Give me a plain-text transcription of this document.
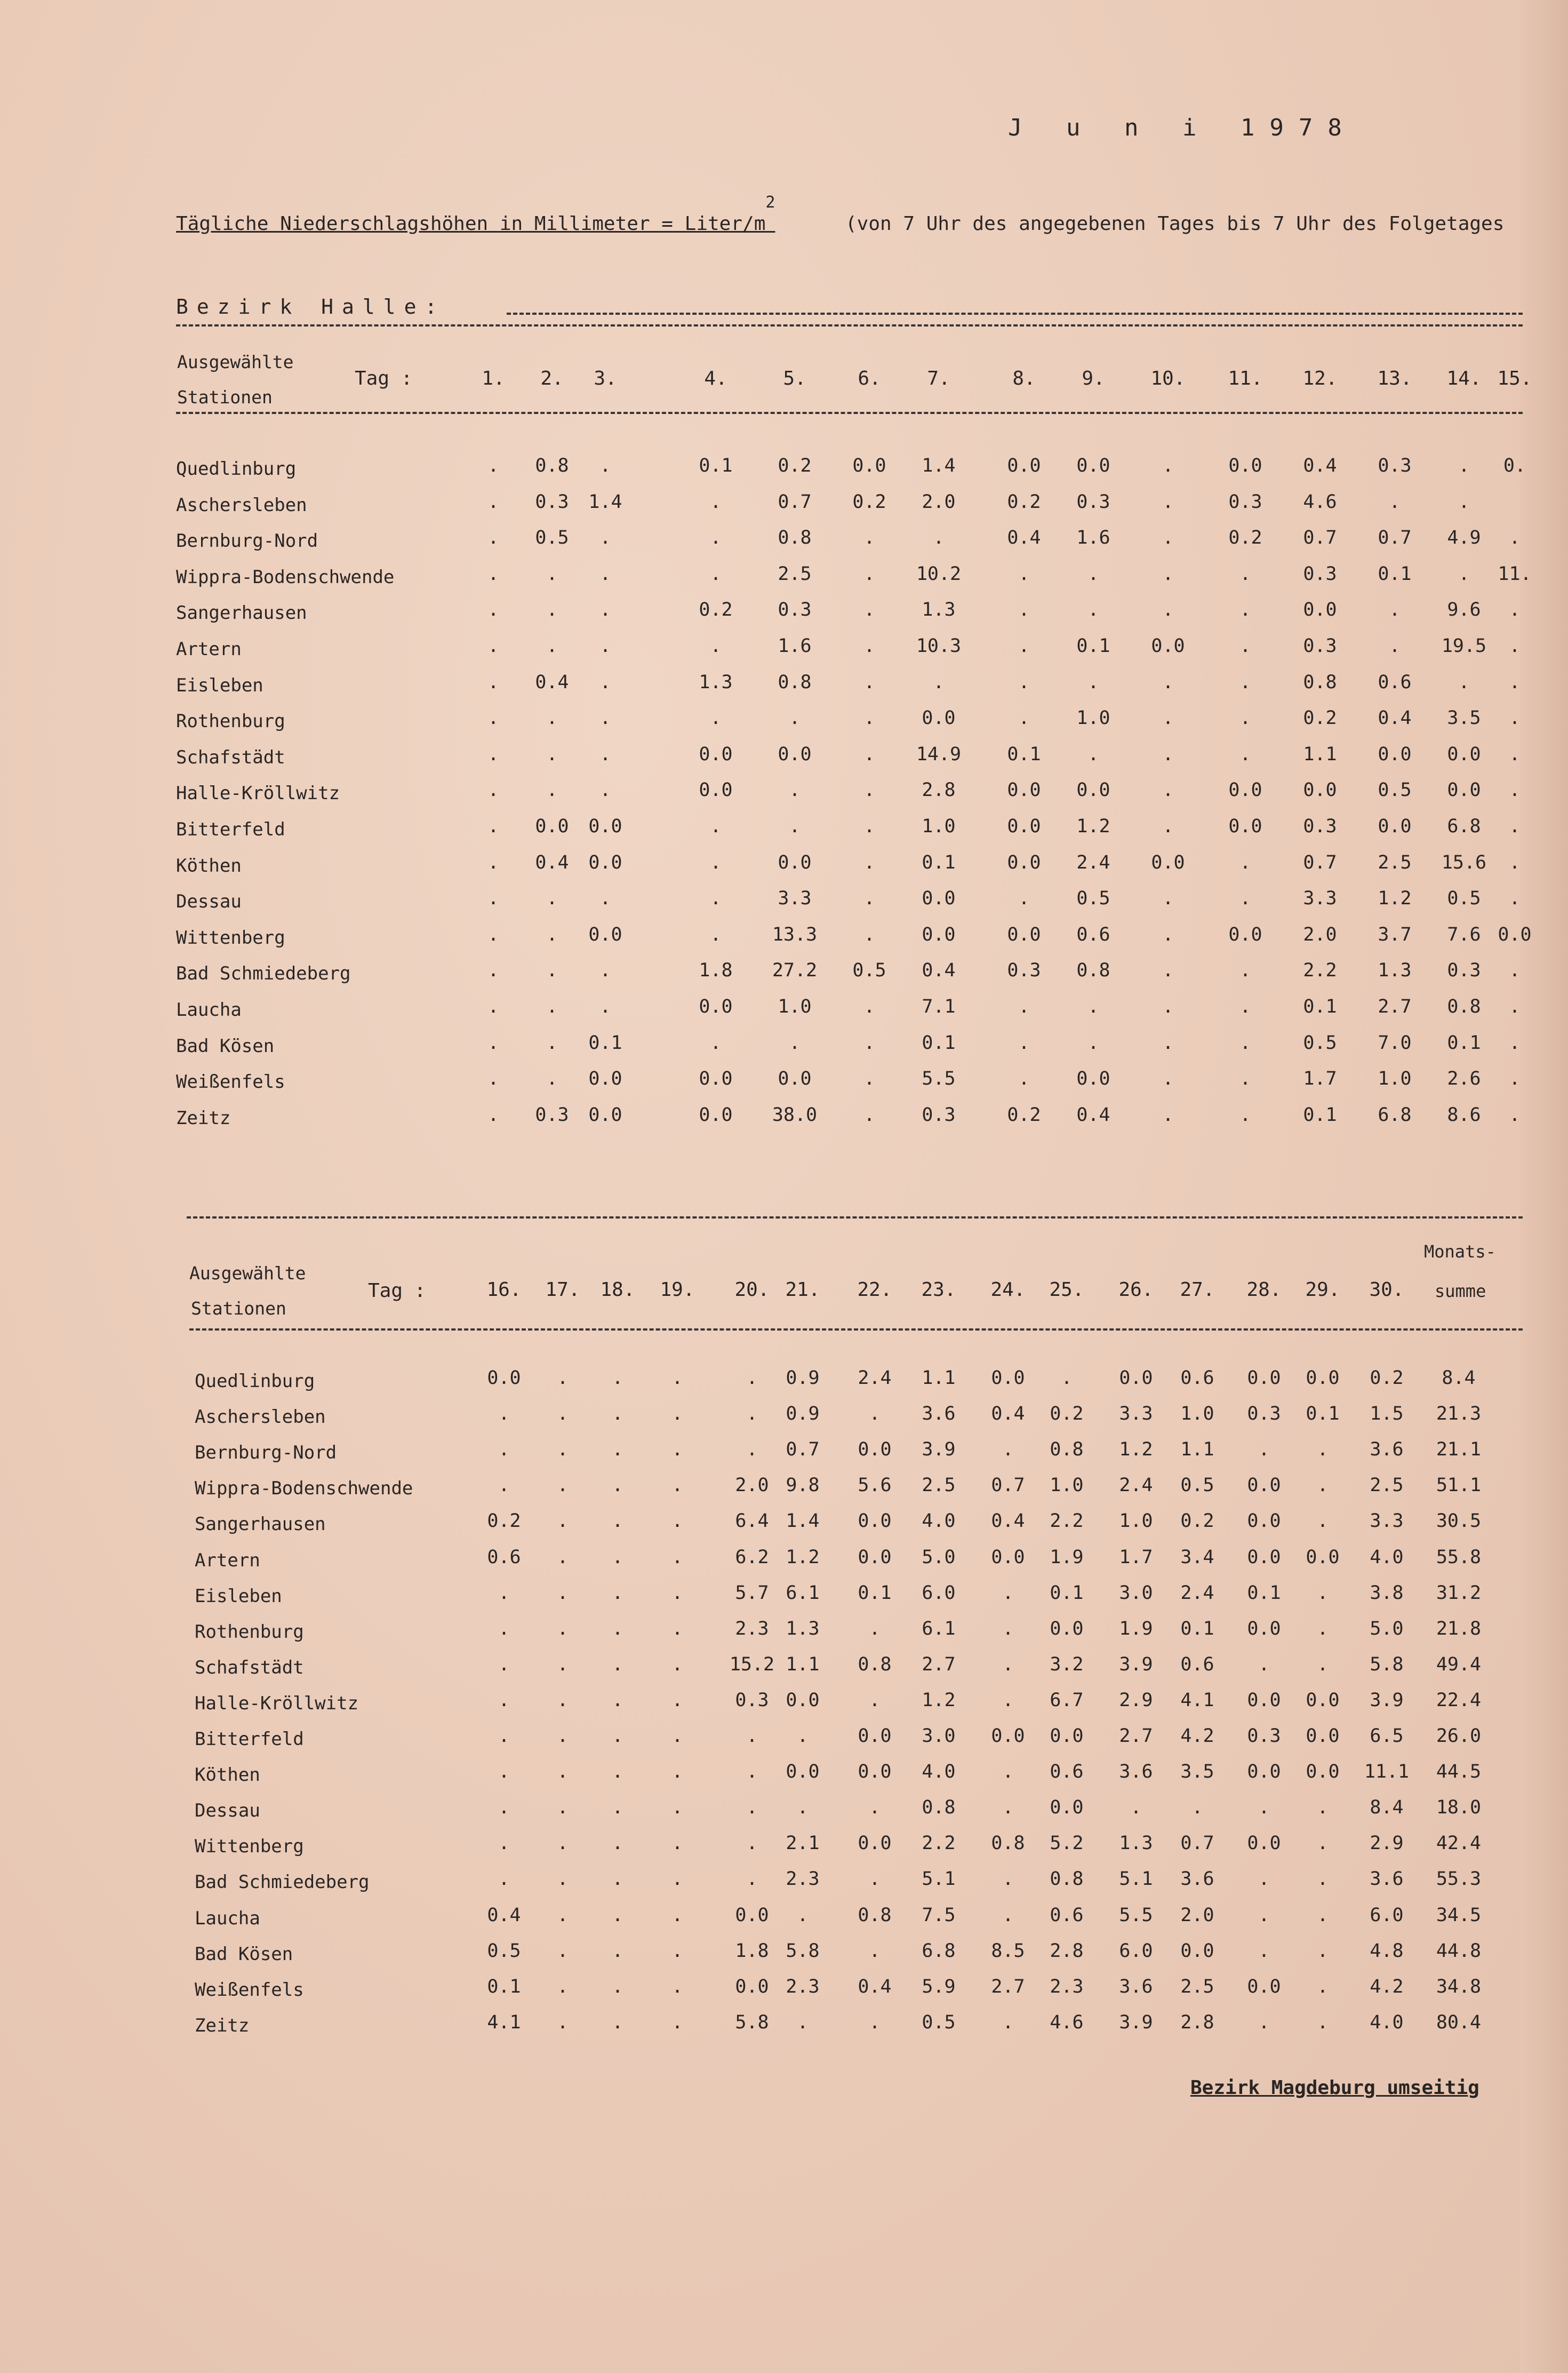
J u n i 1978
Tägliche Niederschlagshöhen in Millimeter = Liter/$m^2$
(von 7 Uhr des angegebenen Tages bis 7 Uhr des Folgetages
Bezirk Halle:
Ausgewählte
Stationen
Tag :	1.	2.	3.	4.	5.	6.	7.	8.	9.	10.	11.	12.	13.	14. 15.
Quedlinburg	.	0.8	.	0.1	0.2	0.0	1.4	0.0	0.0	.	0.0	0.4	0.3	.	0.
Aschersleben	.	0.3	1.4	.	0.7	0.2	2.0	0.2	0.3	.	0.3	4.6	.	.
Bernburg-Nord	.	0.5	.	.	0.8	.	.	0.4	1.6	.	0.2	0.7	0.7	4.9	.
Wippra-Bodenschwende	.	.	.	.	2.5	.	10.2	.	.	.	.	0.3	0.1	.	11.
Sangerhausen	.	.	.	0.2	0.3	.	1.3	.	.	.	.	0.0	.	9.6	.
Artern	.	.	.	.	1.6	.	10.3	.	0.1	0.0	.	0.3	.	19.5	.
Eisleben	.	0.4	.	1.3	0.8	.	.	.	.	.	.	0.8	0.6	.	.
Rothenburg	.	.	.	.	.	.	0.0	.	1.0	.	.	0.2	0.4	3.5	.
Schafstädt	.	.	.	0.0	0.0	.	14.9	0.1	.	.	.	1.1	0.0	0.0	.
Halle-Kröllwitz	.	.	.	0.0	.	.	2.8	0.0	0.0	.	0.0	0.0	0.5	0.0	.
Bitterfeld	.	0.0	0.0	.	.	.	1.0	0.0	1.2	.	0.0	0.3	0.0	6.8	.
Köthen	.	0.4	0.0	.	0.0	.	0.1	0.0	2.4	0.0	.	0.7	2.5	15.6	.
Dessau	.	.	.	.	3.3	.	0.0	.	0.5	.	.	3.3	1.2	0.5	.
Wittenberg	.	.	0.0	.	13.3	.	0.0	0.0	0.6	.	0.0	2.0	3.7	7.6 0.0
Bad Schmiedeberg	.	.	.	1.8	27.2	0.5	0.4	0.3	0.8	.	.	2.2	1.3	0.3	.
Laucha	.	.	.	0.0	1.0	.	7.1	.	.	.	.	0.1	2.7	0.8	.
Bad Kösen	.	.	0.1	.	.	.	0.1	.	.	.	.	0.5	7.0	0.1	.
Weißenfels	.	.	0.0	0.0	0.0	.	5.5	.	0.0	.	.	1.7	1.0	2.6	.
Zeitz	.	0.3	0.0	0.0	38.0	.	0.3	0.2	0.4	.	.	0.1	6.8	8.6	.
Ausgewählte
Stationen
Tag :	16.	17.	18.	19.	20. 21.	22.	23.	24.	25.	26.	27.	28.	29.	30.
Monats-
summe
Quedlinburg	0.0	.	.	.	.	0.9	2.4	1.1	0.0	.	0.0	0.6	0.0	0.0	0.2	8.4
Aschersleben	.	.	.	.	.	0.9	.	3.6	0.4	0.2	3.3	1.0	0.3	0.1	1.5	21.3
Bernburg-Nord	.	.	.	.	.	0.7	0.0	3.9	.	0.8	1.2	1.1	.	.	3.6	21.1
Wippra-Bodenschwende	.	.	.	.	2.0 9.8	5.6	2.5	0.7	1.0	2.4	0.5	0.0	.	2.5	51.1
Sangerhausen	0.2	.	.	.	6.4 1.4	0.0	4.0	0.4	2.2	1.0	0.2	0.0	.	3.3	30.5
Artern	0.6	.	.	.	6.2 1.2	0.0	5.0	0.0	1.9	1.7	3.4	0.0	0.0	4.0	55.8
Eisleben	.	.	.	.	5.7 6.1	0.1	6.0	.	0.1	3.0	2.4	0.1	.	3.8	31.2
Rothenburg	.	.	.	.	2.3 1.3	.	6.1	.	0.0	1.9	0.1	0.0	.	5.0	21.8
Schafstädt	.	.	.	.	15.2 1.1	0.8	2.7	.	3.2	3.9	0.6	.	.	5.8	49.4
Halle-Kröllwitz	.	.	.	.	0.3 0.0	.	1.2	.	6.7	2.9	4.1	0.0	0.0	3.9	22.4
Bitterfeld	.	.	.	.	.	.	0.0	3.0	0.0	0.0	2.7	4.2	0.3	0.0	6.5	26.0
Köthen	.	.	.	.	.	0.0	0.0	4.0	.	0.6	3.6	3.5	0.0	0.0	11.1	44.5
Dessau	.	.	.	.	.	.	.	0.8	.	0.0	.	.	.	.	8.4	18.0
Wittenberg	.	.	.	.	.	2.1	0.0	2.2	0.8	5.2	1.3	0.7	0.0	.	2.9	42.4
Bad Schmiedeberg	.	.	.	.	.	2.3	.	5.1	.	0.8	5.1	3.6	.	.	3.6	55.3
Laucha	0.4	.	.	.	0.0	.	0.8	7.5	.	0.6	5.5	2.0	.	.	6.0	34.5
Bad Kösen	0.5	.	.	.	1.8 5.8	.	6.8	8.5	2.8	6.0	0.0	.	.	4.8	44.8
Weißenfels	0.1	.	.	.	0.0 2.3	0.4	5.9	2.7	2.3	3.6	2.5	0.0	.	4.2	34.8
Zeitz	4.1	.	.	.	5.8	.	.	0.5	.	4.6	3.9	2.8	.	.	4.0	80.4
Bezirk Magdeburg umseitig
